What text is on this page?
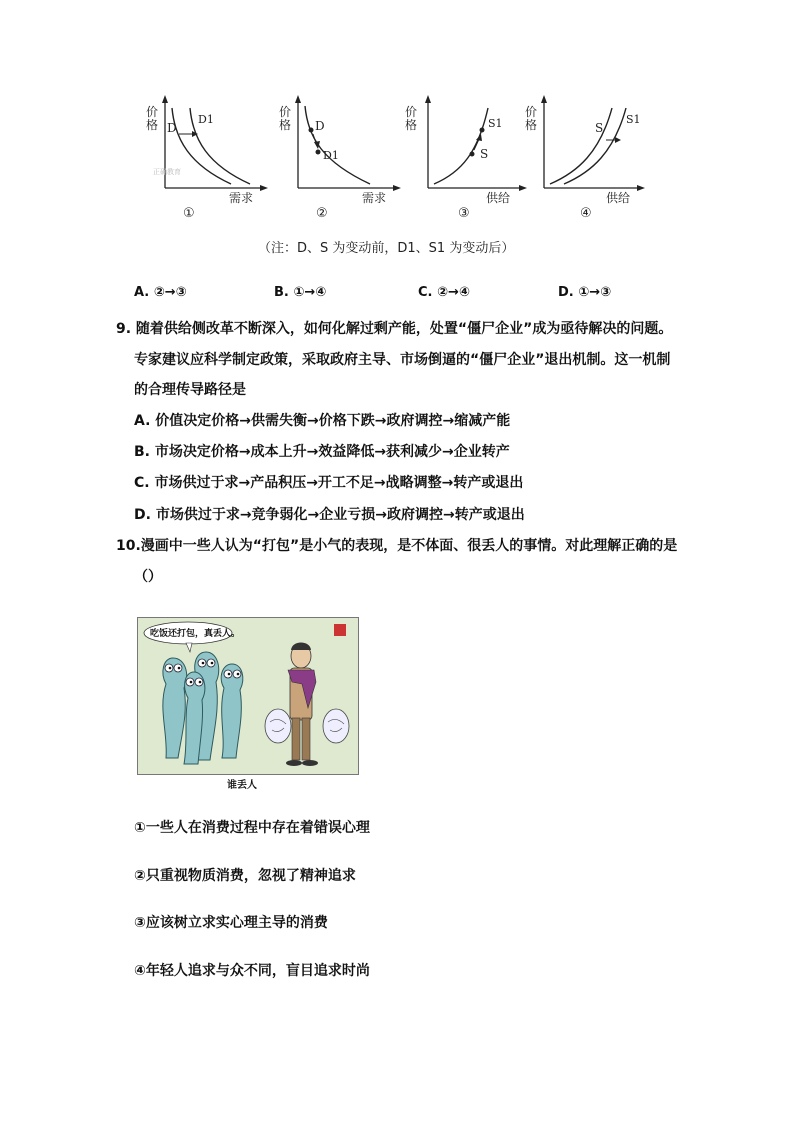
正确教育
价格 D
D1
需求
①
价格 D
D1
需求
②
价格
S
S1
供给
③
价格	S
S1
供给
④
（注：D、S 为变动前，D1、S1 为变动后）
A. ②→③	B. ①→④	C. ②→④	D. ①→③
9. 随着供给侧改革不断深入，如何化解过剩产能，处置“僵尸企业”成为亟待解决的问题。
专家建议应科学制定政策，采取政府主导、市场倒逼的“僵尸企业”退出机制。这一机制
的合理传导路径是
A. 价值决定价格→供需失衡→价格下跌→政府调控→缩减产能
B. 市场决定价格→成本上升→效益降低→获利减少→企业转产
C. 市场供过于求→产品积压→开工不足→战略调整→转产或退出
D. 市场供过于求→竞争弱化→企业亏损→政府调控→转产或退出
10.漫画中一些人认为“打包”是小气的表现，是不体面、很丢人的事情。对此理解正确的是
（）
吃饭还打包，真丢人。
谁丢人
①一些人在消费过程中存在着错误心理
②只重视物质消费，忽视了精神追求
③应该树立求实心理主导的消费
④年轻人追求与众不同，盲目追求时尚
